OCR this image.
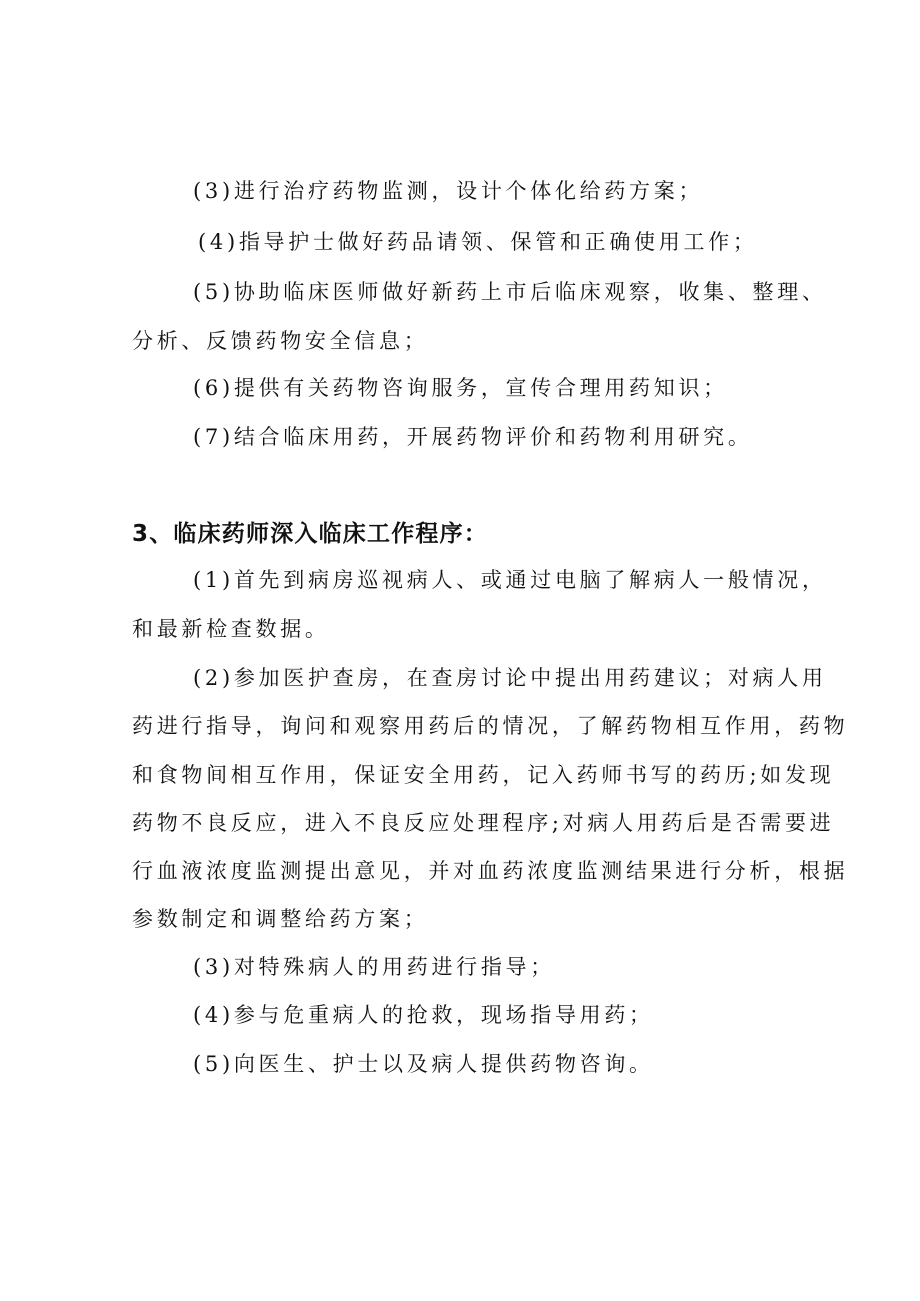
(3)进行治疗药物监测，设计个体化给药方案；
(4)指导护士做好药品请领、保管和正确使用工作；
(5)协助临床医师做好新药上市后临床观察，收集、整理、
分析、反馈药物安全信息；
(6)提供有关药物咨询服务，宣传合理用药知识；
(7)结合临床用药，开展药物评价和药物利用研究。
3、临床药师深入临床工作程序：
(1)首先到病房巡视病人、或通过电脑了解病人一般情况，
和最新检查数据。
(2)参加医护查房，在查房讨论中提出用药建议；对病人用
药进行指导，询问和观察用药后的情况，了解药物相互作用，药物
和食物间相互作用，保证安全用药，记入药师书写的药历;如发现
药物不良反应，进入不良反应处理程序;对病人用药后是否需要进
行血液浓度监测提出意见，并对血药浓度监测结果进行分析，根据
参数制定和调整给药方案；
(3)对特殊病人的用药进行指导；
(4)参与危重病人的抢救，现场指导用药；
(5)向医生、护士以及病人提供药物咨询。
